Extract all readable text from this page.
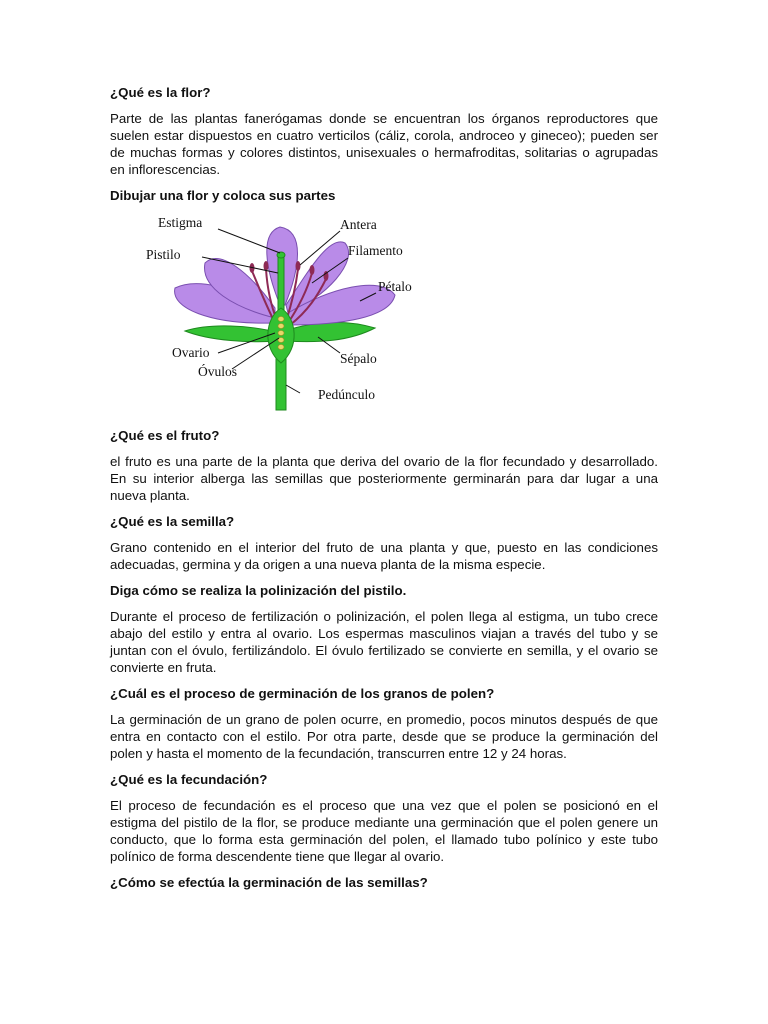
¿Qué es la flor?
Parte de las plantas fanerógamas donde se encuentran los órganos reproductores que suelen estar dispuestos en cuatro verticilos (cáliz, corola, androceo y gineceo); pueden ser de muchas formas y colores distintos, unisexuales o hermafroditas, solitarias o agrupadas en inflorescencias.
Dibujar una flor y coloca sus partes
Estigma	Antera
Pistilo	Filamento
Pétalo
Ovario	Sépalo
Óvulos
Pedúnculo
¿Qué es el fruto?
el fruto es una parte de la planta que deriva del ovario de la flor fecundado y desarrollado. En su interior alberga las semillas que posteriormente germinarán para dar lugar a una nueva planta.
¿Qué es la semilla?
Grano contenido en el interior del fruto de una planta y que, puesto en las condiciones adecuadas, germina y da origen a una nueva planta de la misma especie.
Diga cómo se realiza la polinización del pistilo.
Durante el proceso de fertilización o polinización, el polen llega al estigma, un tubo crece abajo del estilo y entra al ovario. Los espermas masculinos viajan a través del tubo y se juntan con el óvulo, fertilizándolo. El óvulo fertilizado se convierte en semilla, y el ovario se convierte en fruta.
¿Cuál es el proceso de germinación de los granos de polen?
La germinación de un grano de polen ocurre, en promedio, pocos minutos después de que entra en contacto con el estilo. Por otra parte, desde que se produce la germinación del polen y hasta el momento de la fecundación, transcurren entre 12 y 24 horas.
¿Qué es la fecundación?
El proceso de fecundación es el proceso que una vez que el polen se posicionó en el estigma del pistilo de la flor, se produce mediante una germinación que el polen genere un conducto, que lo forma esta germinación del polen, el llamado tubo polínico y este tubo polínico de forma descendente tiene que llegar al ovario.
¿Cómo se efectúa la germinación de las semillas?
